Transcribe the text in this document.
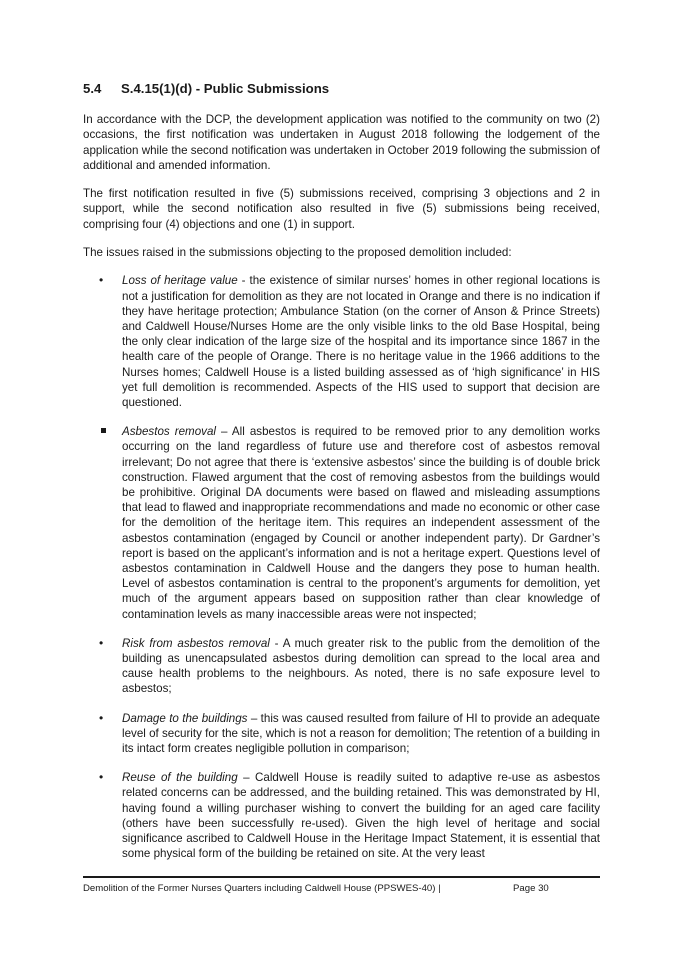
5.4	S.4.15(1)(d) - Public Submissions

In accordance with the DCP, the development application was notified to the community on two (2) occasions, the first notification was undertaken in August 2018 following the lodgement of the application while the second notification was undertaken in October 2019 following the submission of additional and amended information.

The first notification resulted in five (5) submissions received, comprising 3 objections and 2 in support, while the second notification also resulted in five (5) submissions being received, comprising four (4) objections and one (1) in support.

The issues raised in the submissions objecting to the proposed demolition included:

• Loss of heritage value - the existence of similar nurses’ homes in other regional locations is not a justification for demolition as they are not located in Orange and there is no indication if they have heritage protection; Ambulance Station (on the corner of Anson & Prince Streets) and Caldwell House/Nurses Home are the only visible links to the old Base Hospital, being the only clear indication of the large size of the hospital and its importance since 1867 in the health care of the people of Orange. There is no heritage value in the 1966 additions to the Nurses homes; Caldwell House is a listed building assessed as of ‘high significance’ in HIS yet full demolition is recommended. Aspects of the HIS used to support that decision are questioned.
Asbestos removal – All asbestos is required to be removed prior to any demolition works occurring on the land regardless of future use and therefore cost of asbestos removal irrelevant; Do not agree that there is ‘extensive asbestos’ since the building is of double brick construction. Flawed argument that the cost of removing asbestos from the buildings would be prohibitive. Original DA documents were based on flawed and misleading assumptions that lead to flawed and inappropriate recommendations and made no economic or other case for the demolition of the heritage item. This requires an independent assessment of the asbestos contamination (engaged by Council or another independent party). Dr Gardner’s report is based on the applicant’s information and is not a heritage expert. Questions level of asbestos contamination in Caldwell House and the dangers they pose to human health. Level of asbestos contamination is central to the proponent’s arguments for demolition, yet much of the argument appears based on supposition rather than clear knowledge of contamination levels as many inaccessible areas were not inspected;
• Risk from asbestos removal - A much greater risk to the public from the demolition of the building as unencapsulated asbestos during demolition can spread to the local area and cause health problems to the neighbours. As noted, there is no safe exposure level to asbestos;
• Damage to the buildings – this was caused resulted from failure of HI to provide an adequate level of security for the site, which is not a reason for demolition; The retention of a building in its intact form creates negligible pollution in comparison;
• Reuse of the building – Caldwell House is readily suited to adaptive re-use as asbestos related concerns can be addressed, and the building retained. This was demonstrated by HI, having found a willing purchaser wishing to convert the building for an aged care facility (others have been successfully re-used). Given the high level of heritage and social significance ascribed to Caldwell House in the Heritage Impact Statement, it is essential that some physical form of the building be retained on site. At the very least
Demolition of the Former Nurses Quarters including Caldwell House (PPSWES-40) |	Page 30
